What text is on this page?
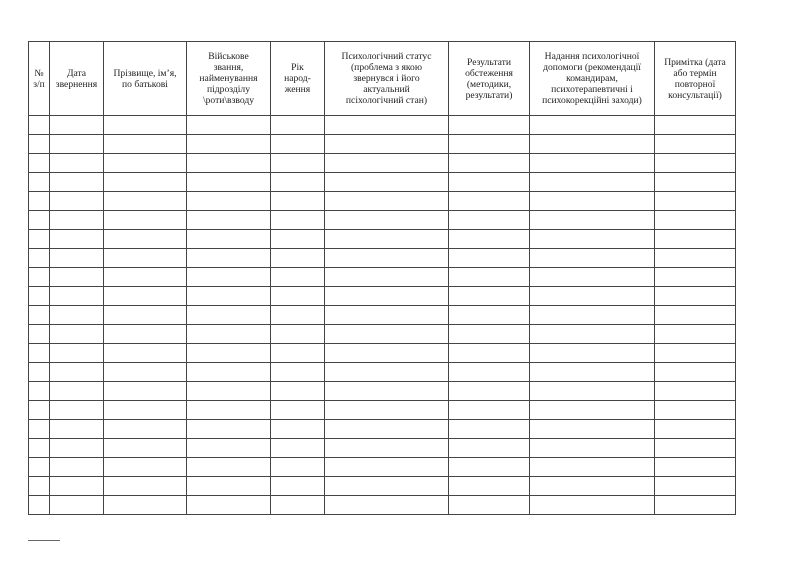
№
з/п	Дата
звернення	Прізвище, ім’я,
по батькові	Військове
звання,
найменування
підрозділу
\роти\взводу	Рік
народ-
ження	Психологічний статус
(проблема з якою
звернувся і його
актуальний
псіхологічний стан)	Результати
обстеження
(методики,
результати)	Надання психологічної
допомоги (рекомендації
командирам,
психотерапевтичні і
психокорекційні заходи)	Примітка (дата
або термін
повторної
консультації)
